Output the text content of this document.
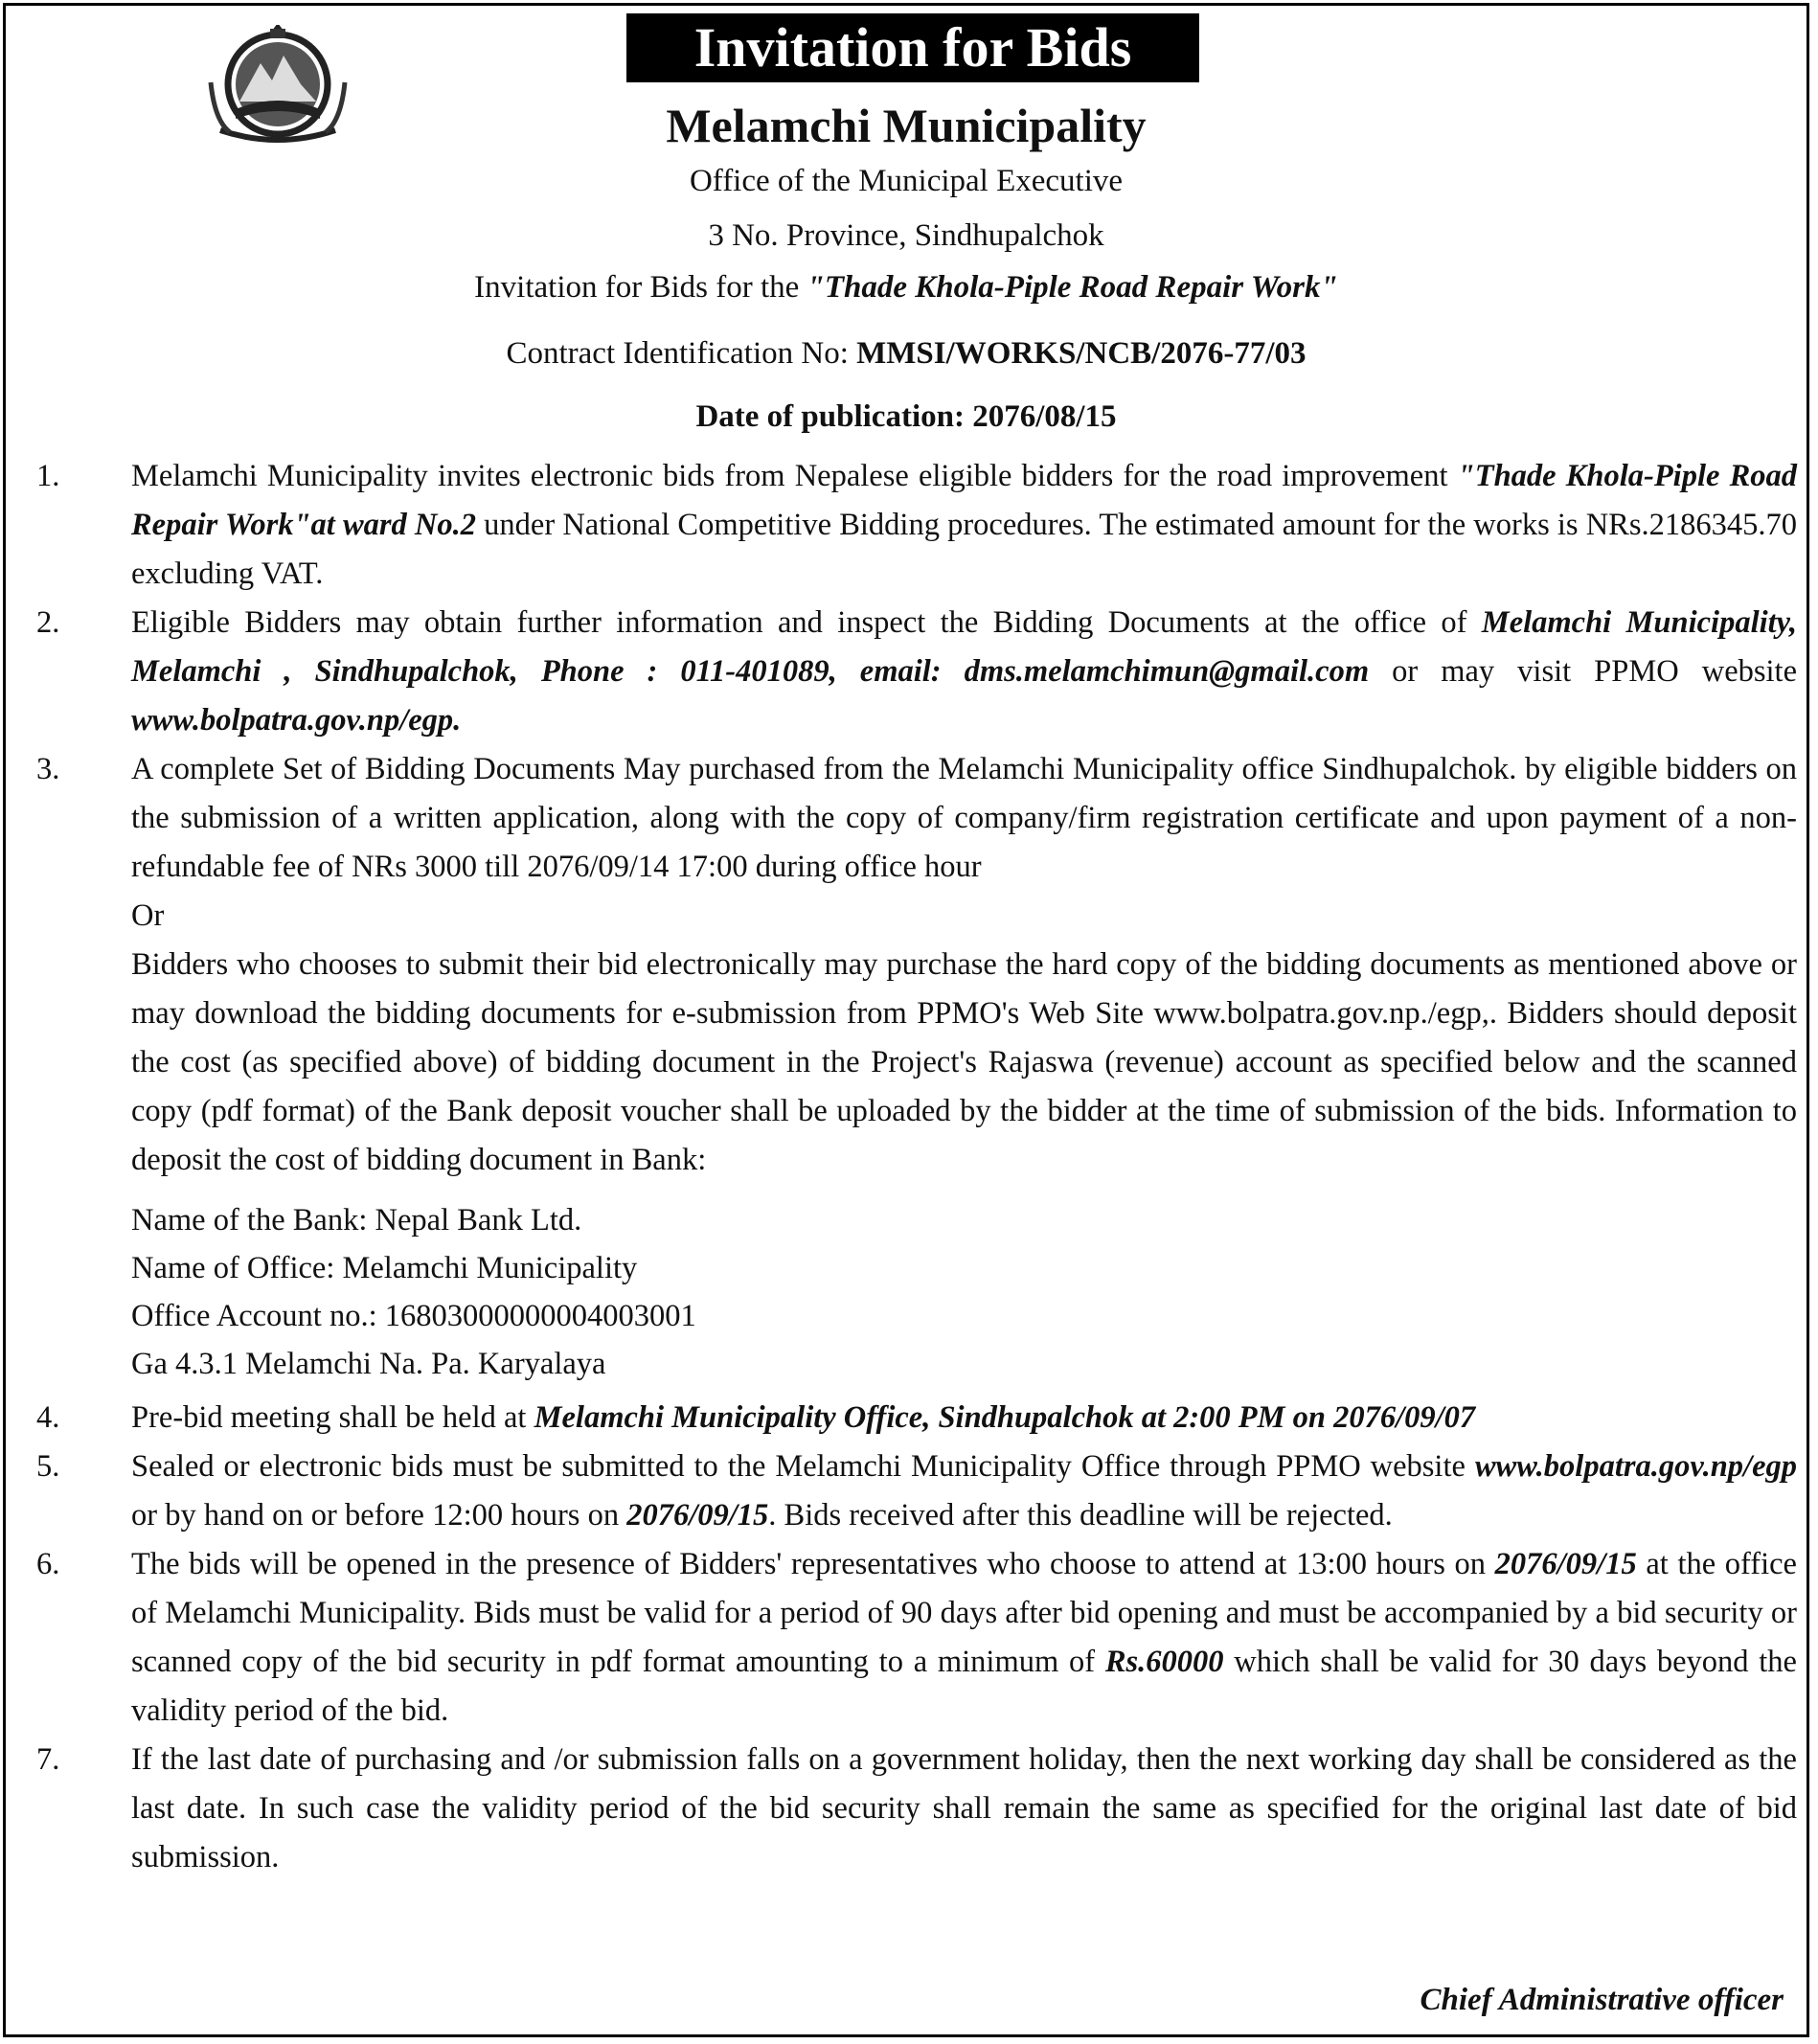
Invitation for Bids
Melamchi Municipality
Office of the Municipal Executive
3 No. Province, Sindhupalchok
Invitation for Bids for the "Thade Khola-Piple Road Repair Work"
Contract Identification No: MMSI/WORKS/NCB/2076-77/03
Date of publication: 2076/08/15
1. Melamchi Municipality invites electronic bids from Nepalese eligible bidders for the road improvement "Thade Khola-Piple Road Repair Work"at ward No.2 under National Competitive Bidding procedures. The estimated amount for the works is NRs.2186345.70 excluding VAT.
2. Eligible Bidders may obtain further information and inspect the Bidding Documents at the office of Melamchi Municipality, Melamchi , Sindhupalchok, Phone : 011-401089, email: dms.melamchimun@gmail.com or may visit PPMO website www.bolpatra.gov.np/egp.
3. A complete Set of Bidding Documents May purchased from the Melamchi Municipality office Sindhupalchok. by eligible bidders on the submission of a written application, along with the copy of company/firm registration certificate and upon payment of a non-refundable fee of NRs 3000 till 2076/09/14 17:00 during office hour
Or
Bidders who chooses to submit their bid electronically may purchase the hard copy of the bidding documents as mentioned above or may download the bidding documents for e-submission from PPMO's Web Site www.bolpatra.gov.np./egp,. Bidders should deposit the cost (as specified above) of bidding document in the Project's Rajaswa (revenue) account as specified below and the scanned copy (pdf format) of the Bank deposit voucher shall be uploaded by the bidder at the time of submission of the bids. Information to deposit the cost of bidding document in Bank:
Name of the Bank: Nepal Bank Ltd.
Name of Office: Melamchi Municipality
Office Account no.: 16803000000004003001
Ga 4.3.1 Melamchi Na. Pa. Karyalaya
4. Pre-bid meeting shall be held at Melamchi Municipality Office, Sindhupalchok at 2:00 PM on 2076/09/07
5. Sealed or electronic bids must be submitted to the Melamchi Municipality Office through PPMO website www.bolpatra.gov.np/egp or by hand on or before 12:00 hours on 2076/09/15. Bids received after this deadline will be rejected.
6. The bids will be opened in the presence of Bidders' representatives who choose to attend at 13:00 hours on 2076/09/15 at the office of Melamchi Municipality. Bids must be valid for a period of 90 days after bid opening and must be accompanied by a bid security or scanned copy of the bid security in pdf format amounting to a minimum of Rs.60000 which shall be valid for 30 days beyond the validity period of the bid.
7. If the last date of purchasing and /or submission falls on a government holiday, then the next working day shall be considered as the last date. In such case the validity period of the bid security shall remain the same as specified for the original last date of bid submission.
Chief Administrative officer
